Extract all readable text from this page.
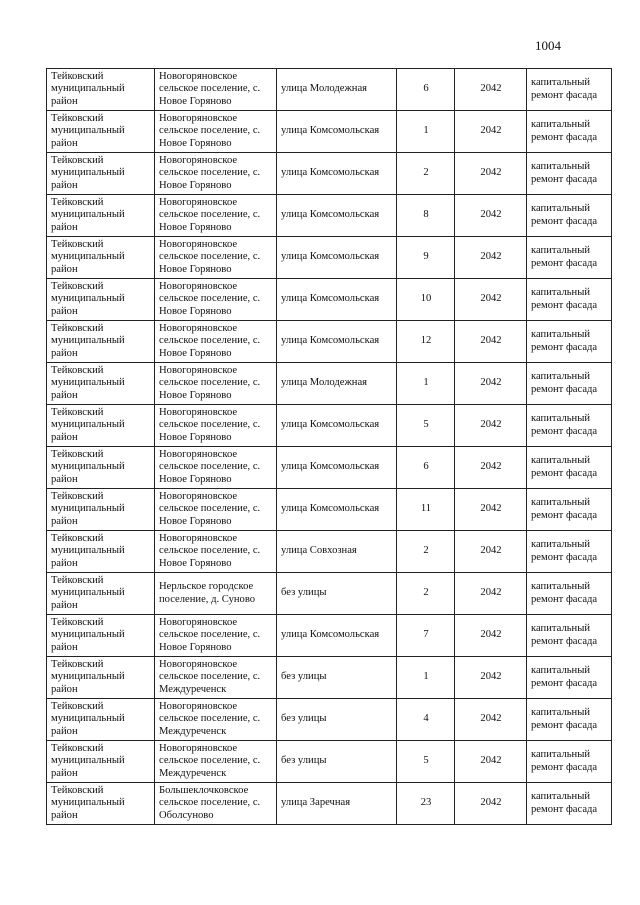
1004
Тейковский муниципальный район	Новогоряновское сельское поселение, с. Новое Горяново	улица Молодежная	6	2042	капитальный ремонт фасада
Тейковский муниципальный район	Новогоряновское сельское поселение, с. Новое Горяново	улица Комсомольская	1	2042	капитальный ремонт фасада
Тейковский муниципальный район	Новогоряновское сельское поселение, с. Новое Горяново	улица Комсомольская	2	2042	капитальный ремонт фасада
Тейковский муниципальный район	Новогоряновское сельское поселение, с. Новое Горяново	улица Комсомольская	8	2042	капитальный ремонт фасада
Тейковский муниципальный район	Новогоряновское сельское поселение, с. Новое Горяново	улица Комсомольская	9	2042	капитальный ремонт фасада
Тейковский муниципальный район	Новогоряновское сельское поселение, с. Новое Горяново	улица Комсомольская	10	2042	капитальный ремонт фасада
Тейковский муниципальный район	Новогоряновское сельское поселение, с. Новое Горяново	улица Комсомольская	12	2042	капитальный ремонт фасада
Тейковский муниципальный район	Новогоряновское сельское поселение, с. Новое Горяново	улица Молодежная	1	2042	капитальный ремонт фасада
Тейковский муниципальный район	Новогоряновское сельское поселение, с. Новое Горяново	улица Комсомольская	5	2042	капитальный ремонт фасада
Тейковский муниципальный район	Новогоряновское сельское поселение, с. Новое Горяново	улица Комсомольская	6	2042	капитальный ремонт фасада
Тейковский муниципальный район	Новогоряновское сельское поселение, с. Новое Горяново	улица Комсомольская	11	2042	капитальный ремонт фасада
Тейковский муниципальный район	Новогоряновское сельское поселение, с. Новое Горяново	улица Совхозная	2	2042	капитальный ремонт фасада
Тейковский муниципальный район	Нерльское городское поселение, д. Суново	без улицы	2	2042	капитальный ремонт фасада
Тейковский муниципальный район	Новогоряновское сельское поселение, с. Новое Горяново	улица Комсомольская	7	2042	капитальный ремонт фасада
Тейковский муниципальный район	Новогоряновское сельское поселение, с. Междуреченск	без улицы	1	2042	капитальный ремонт фасада
Тейковский муниципальный район	Новогоряновское сельское поселение, с. Междуреченск	без улицы	4	2042	капитальный ремонт фасада
Тейковский муниципальный район	Новогоряновское сельское поселение, с. Междуреченск	без улицы	5	2042	капитальный ремонт фасада
Тейковский муниципальный район	Большеклочковское сельское поселение, с. Оболсуново	улица Заречная	23	2042	капитальный ремонт фасада
